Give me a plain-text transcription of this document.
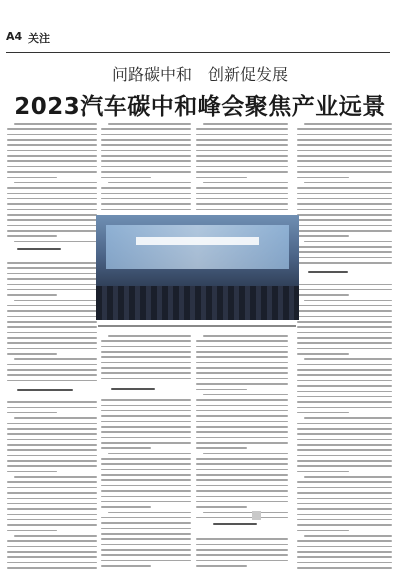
A4 关注
问路碳中和　创新促发展
2023汽车碳中和峰会聚焦产业远景
